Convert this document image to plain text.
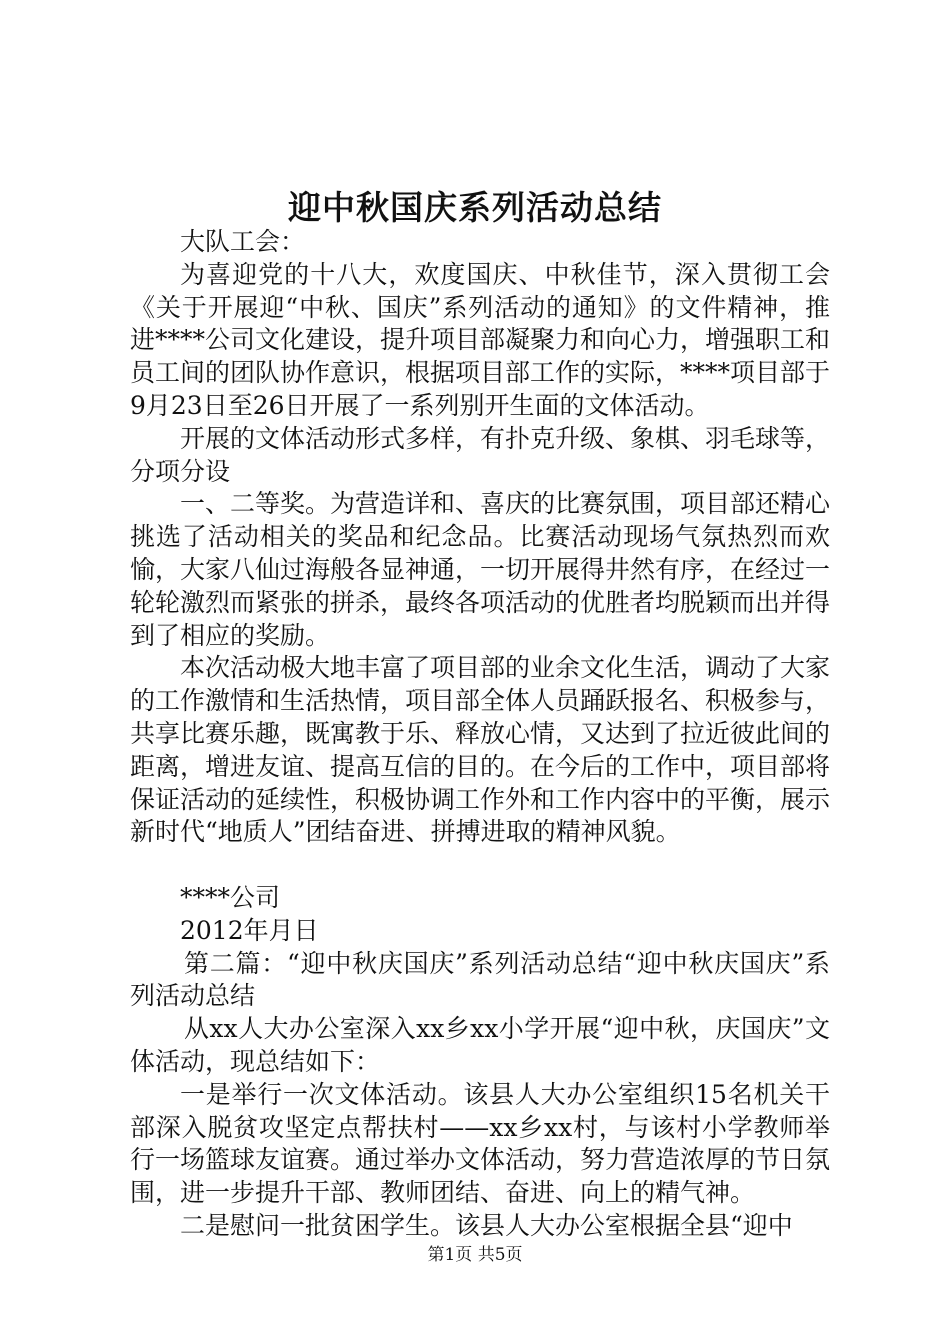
迎中秋国庆系列活动总结

大队工会：

为喜迎党的十八大，欢度国庆、中秋佳节，深入贯彻工会《关于开展迎“中秋、国庆”系列活动的通知》的文件精神，推进****公司文化建设，提升项目部凝聚力和向心力，增强职工和员工间的团队协作意识，根据项目部工作的实际，****项目部于9月23日至26日开展了一系列别开生面的文体活动。

开展的文体活动形式多样，有扑克升级、象棋、羽毛球等，分项分设

一、二等奖。为营造详和、喜庆的比赛氛围，项目部还精心挑选了活动相关的奖品和纪念品。比赛活动现场气氛热烈而欢愉，大家八仙过海般各显神通，一切开展得井然有序，在经过一轮轮激烈而紧张的拼杀，最终各项活动的优胜者均脱颖而出并得到了相应的奖励。

本次活动极大地丰富了项目部的业余文化生活，调动了大家的工作激情和生活热情，项目部全体人员踊跃报名、积极参与，共享比赛乐趣，既寓教于乐、释放心情，又达到了拉近彼此间的距离，增进友谊、提高互信的目的。在今后的工作中，项目部将保证活动的延续性，积极协调工作外和工作内容中的平衡，展示新时代“地质人”团结奋进、拼搏进取的精神风貌。

****公司

2012年月日

第二篇：“迎中秋庆国庆”系列活动总结“迎中秋庆国庆”系列活动总结

从xx人大办公室深入xx乡xx小学开展“迎中秋，庆国庆”文体活动，现总结如下：

一是举行一次文体活动。该县人大办公室组织15名机关干部深入脱贫攻坚定点帮扶村——xx乡xx村，与该村小学教师举行一场篮球友谊赛。通过举办文体活动，努力营造浓厚的节日氛围，进一步提升干部、教师团结、奋进、向上的精气神。

二是慰问一批贫困学生。该县人大办公室根据全县“迎中

第1页 共5页
